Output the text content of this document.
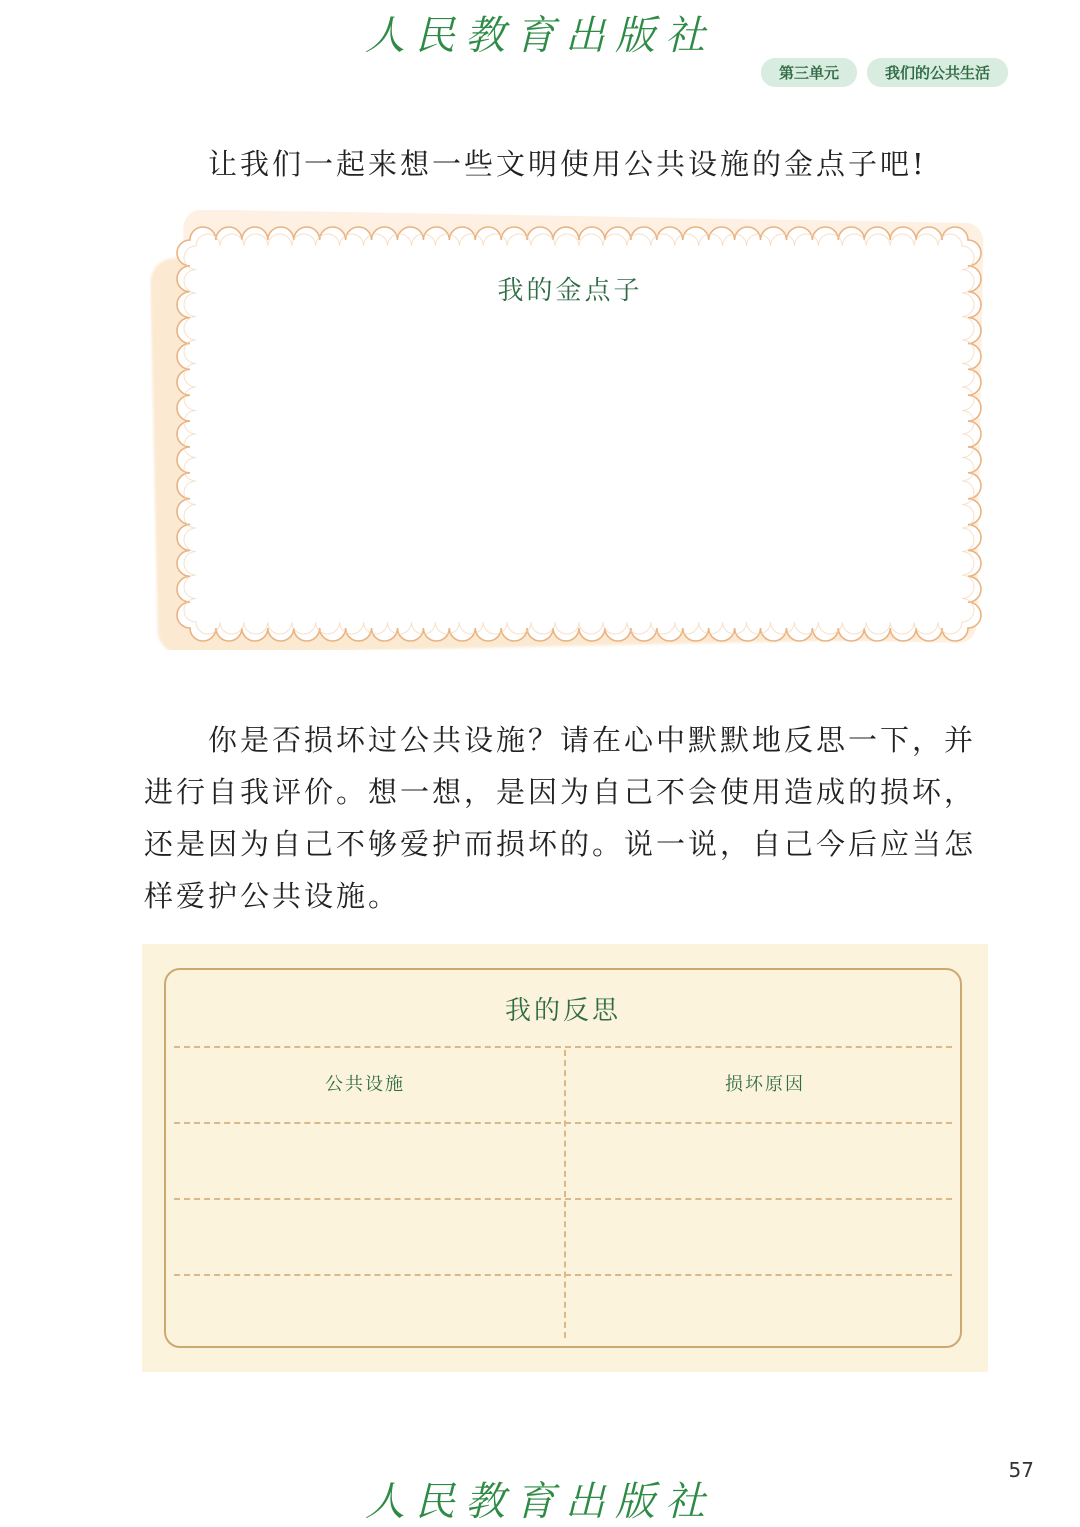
人民教育出版社
第三单元	我们的公共生活

让我们一起来想一些文明使用公共设施的金点子吧!

我的金点子

你是否损坏过公共设施？请在心中默默地反思一下，并进行自我评价。想一想，是因为自己不会使用造成的损坏，还是因为自己不够爱护而损坏的。说一说，自己今后应当怎样爱护公共设施。

我的反思
公共设施	损坏原因
57
人民教育出版社
